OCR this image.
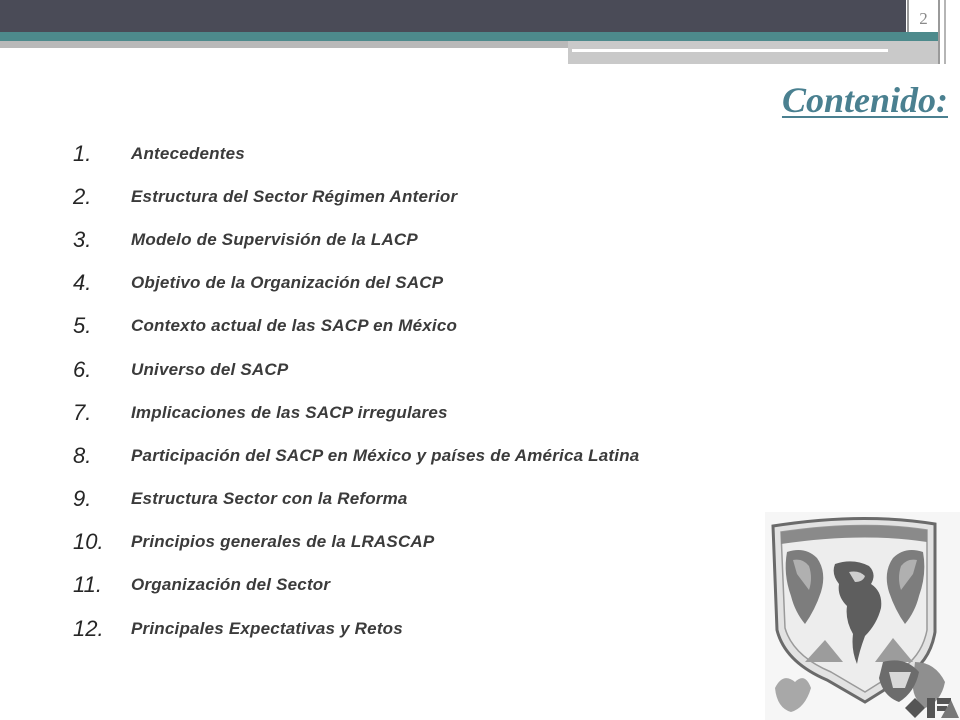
2
Contenido:
1.	Antecedentes
2.	Estructura del Sector Régimen Anterior
3.	Modelo de Supervisión de la LACP
4.	Objetivo de la Organización del SACP
5.	Contexto actual de las SACP en México
6.	Universo del SACP
7.	Implicaciones de las SACP irregulares
8.	Participación del SACP en México y países de América Latina
9.	Estructura Sector con la Reforma
10.	Principios generales de la LRASCAP
11.	Organización del Sector
12.	Principales Expectativas y Retos
